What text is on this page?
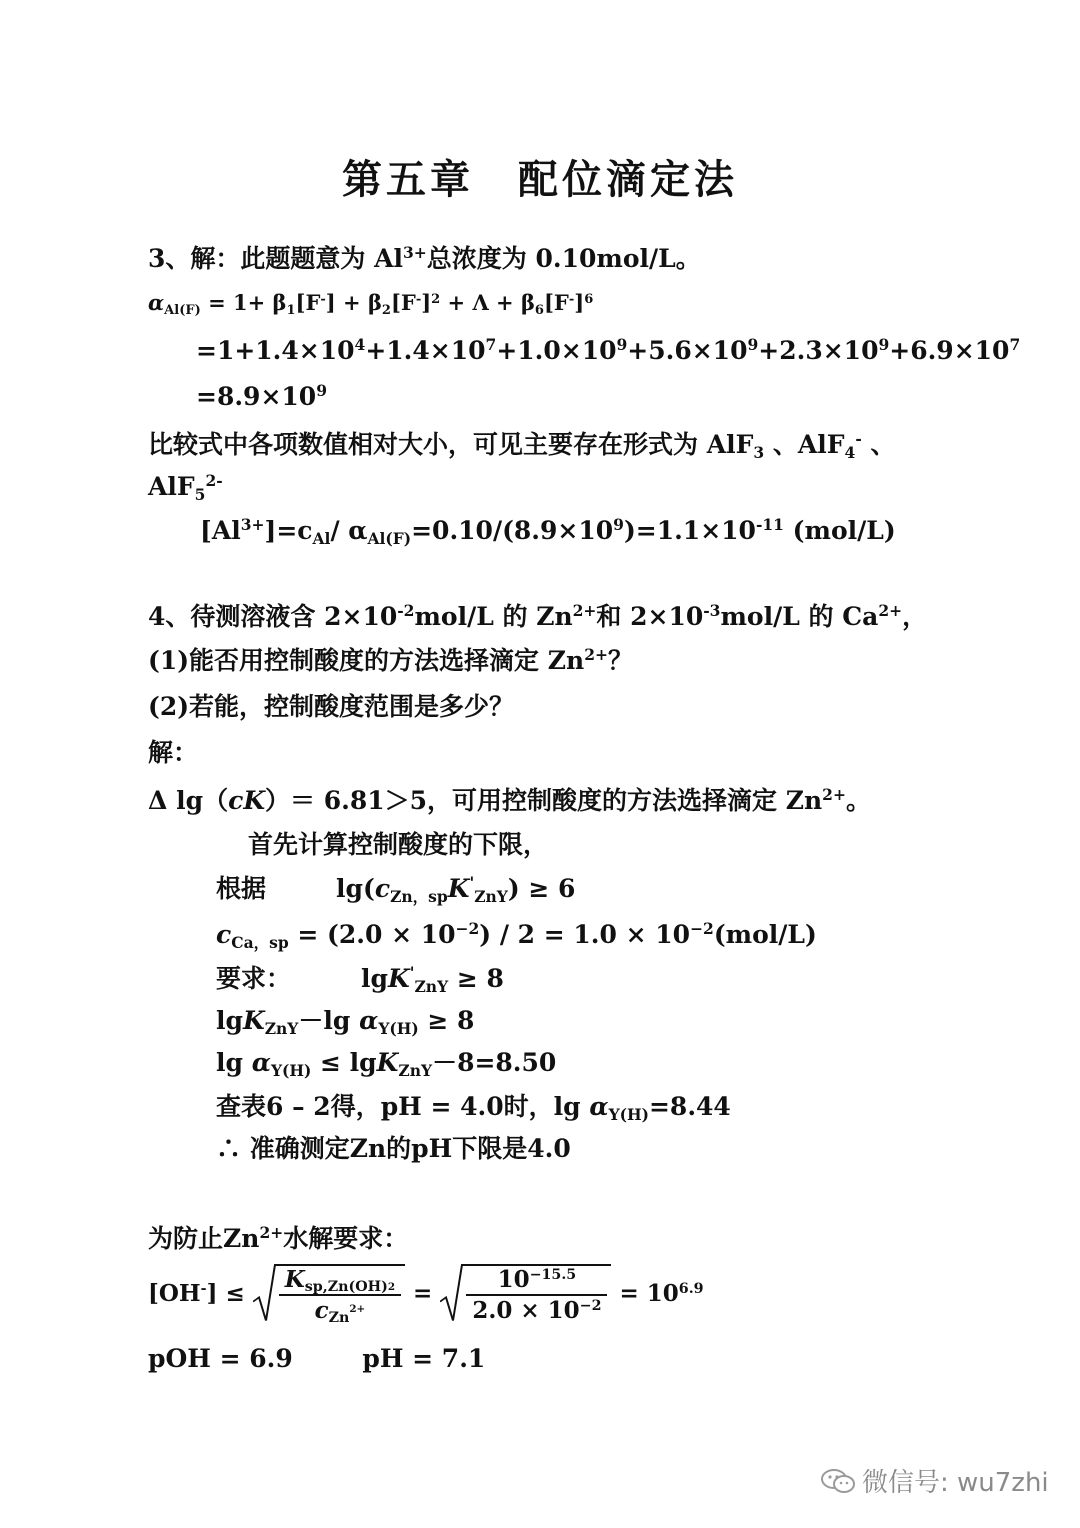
第五章　配位滴定法
3、解：此题题意为 $Al^{3+}$总浓度为 0.10mol/L。
$\alpha_{Al(F)} = 1+ \beta_1[F^-] + \beta_2[F^-]^2 + \Lambda + \beta_6[F^-]^6$
$=1+1.4\times 10^4+1.4\times 10^7+1.0\times 10^9+5.6\times 10^9+2.3\times 10^9+6.9\times 10^7$
$=8.9\times 10^9$
比较式中各项数值相对大小，可见主要存在形式为 AlF$_3$ 、AlF$_4$- 、
AlF$_5^{2-}$
$[Al^{3+}]=c_{Al}/$ $\alpha_{Al(F)}=0.10/(8.9\times 10^9)=1.1\times 10^{-11}$ (mol/L)
4、待测溶液含 $2\times 10^{-2}mol/L$ 的 $Zn^{2+}$和 $2\times 10^{-3}mol/L$ 的 $Ca^{2+}$，
(1)能否用控制酸度的方法选择滴定 $Zn^{2+}$？
(2)若能，控制酸度范围是多少？
解：
Δ lg（cK）＝ 6.81＞5，可用控制酸度的方法选择滴定 $Zn^{2+}$。
首先计算控制酸度的下限，
根据	$\lg(c_{Zn,sp}K'_{ZnY}) \ge 6$
$c_{Ca,sp} = (2.0 \times 10^{-2}) / 2 = 1.0 \times 10^{-2}(mol/L)$
要求：	lgK'$_{ZnY}$ ≥ 8
lgK$_{ZnY}$－lg $\alpha_{Y(H)} \ge 8$
$\lg \alpha_{Y(H)} \le \lg K_{ZnY}-8=8.50$
查表6 – 2得，pH = 4.0时，$\lg \alpha_{Y(H)}=8.44$
∴ 准确测定Zn的pH下限是4.0
为防止$Zn^{2+}$水解要求：
$[OH^-] \le \frac{K_{sp,Zn(OH)2}}{c_{Zn}^{2+}} = \frac{10^{-15.5}}{2.0 \times 10^{-2}} = 10^{6.9}$
pOH = 6.9        pH = 7.1
微信号: wu7zhi
